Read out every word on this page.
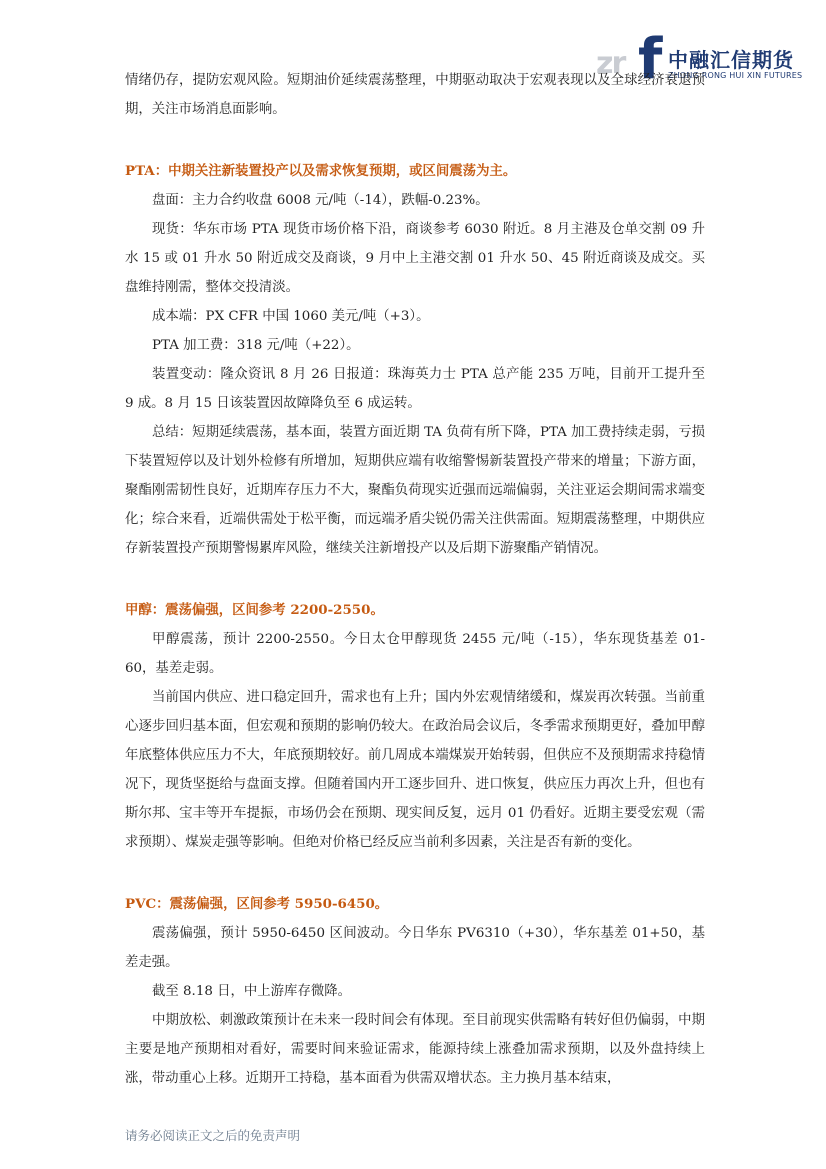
zr f 中融汇信期货
ZHONG RONG HUI XIN FUTURES

情绪仍存，提防宏观风险。短期油价延续震荡整理，中期驱动取决于宏观表现以及全球经济衰退预期，关注市场消息面影响。

PTA：中期关注新装置投产以及需求恢复预期，或区间震荡为主。

盘面：主力合约收盘 6008 元/吨（-14），跌幅-0.23%。

现货：华东市场 PTA 现货市场价格下沿，商谈参考 6030 附近。8 月主港及仓单交割 09 升水 15 或 01 升水 50 附近成交及商谈，9 月中上主港交割 01 升水 50、45 附近商谈及成交。买盘维持刚需，整体交投清淡。

成本端：PX CFR 中国 1060 美元/吨（+3）。

PTA 加工费：318 元/吨（+22）。

装置变动：隆众资讯 8 月 26 日报道：珠海英力士 PTA 总产能 235 万吨，目前开工提升至 9 成。8 月 15 日该装置因故障降负至 6 成运转。

总结：短期延续震荡，基本面，装置方面近期 TA 负荷有所下降，PTA 加工费持续走弱，亏损下装置短停以及计划外检修有所增加，短期供应端有收缩警惕新装置投产带来的增量；下游方面，聚酯刚需韧性良好，近期库存压力不大，聚酯负荷现实近强而远端偏弱，关注亚运会期间需求端变化；综合来看，近端供需处于松平衡，而远端矛盾尖锐仍需关注供需面。短期震荡整理，中期供应存新装置投产预期警惕累库风险，继续关注新增投产以及后期下游聚酯产销情况。

甲醇：震荡偏强，区间参考 2200-2550。

甲醇震荡，预计 2200-2550。今日太仓甲醇现货 2455 元/吨（-15），华东现货基差 01-60，基差走弱。

当前国内供应、进口稳定回升，需求也有上升；国内外宏观情绪缓和，煤炭再次转强。当前重心逐步回归基本面，但宏观和预期的影响仍较大。在政治局会议后，冬季需求预期更好，叠加甲醇年底整体供应压力不大，年底预期较好。前几周成本端煤炭开始转弱，但供应不及预期需求持稳情况下，现货坚挺给与盘面支撑。但随着国内开工逐步回升、进口恢复，供应压力再次上升，但也有斯尔邦、宝丰等开车提振，市场仍会在预期、现实间反复，远月 01 仍看好。近期主要受宏观（需求预期）、煤炭走强等影响。但绝对价格已经反应当前利多因素，关注是否有新的变化。

PVC：震荡偏强，区间参考 5950-6450。

震荡偏强，预计 5950-6450 区间波动。今日华东 PV6310（+30），华东基差 01+50，基差走强。

截至 8.18 日，中上游库存微降。

中期放松、刺激政策预计在未来一段时间会有体现。至目前现实供需略有转好但仍偏弱，中期主要是地产预期相对看好，需要时间来验证需求，能源持续上涨叠加需求预期，以及外盘持续上涨，带动重心上移。近期开工持稳，基本面看为供需双增状态。主力换月基本结束，

请务必阅读正文之后的免责声明
